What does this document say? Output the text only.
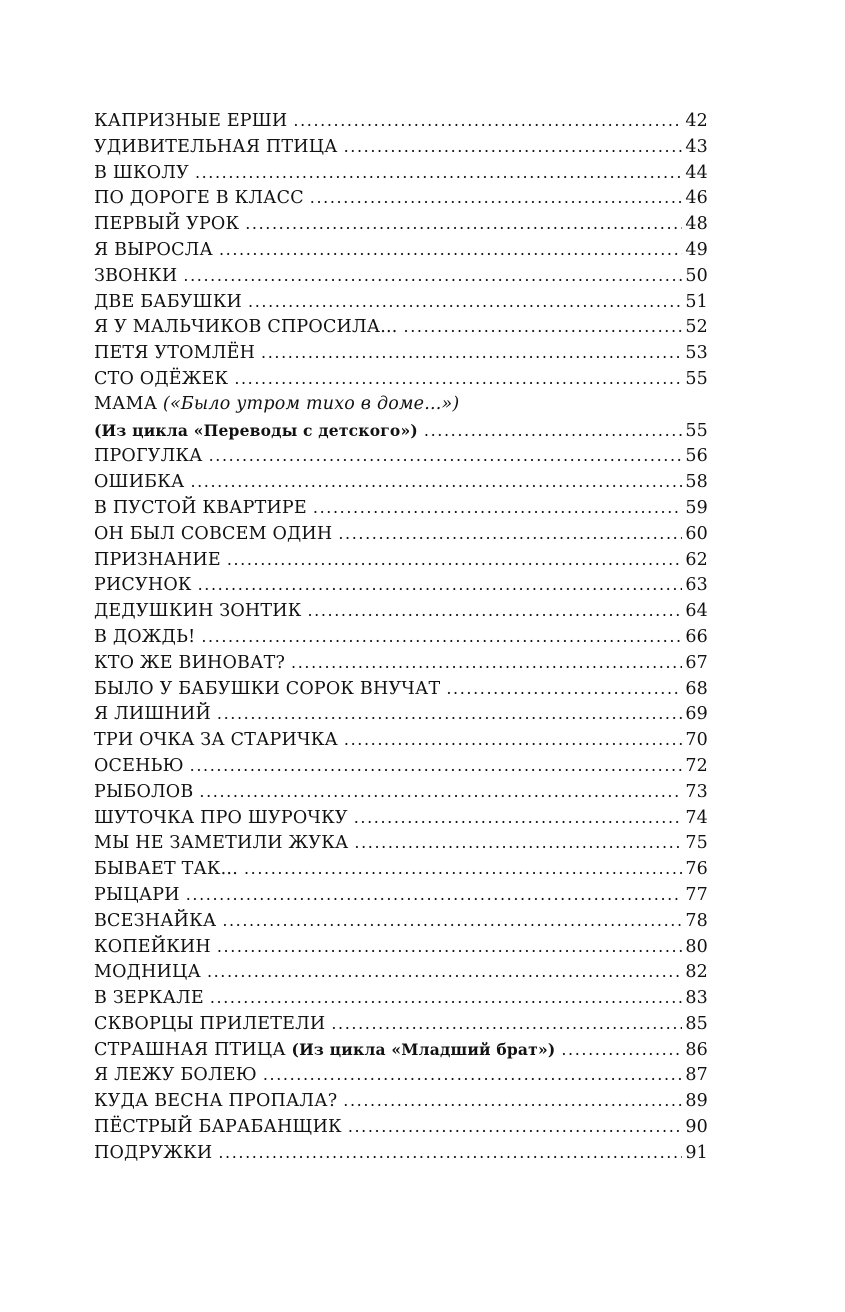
КАПРИЗНЫЕ ЕРШИ .....	42
УДИВИТЕЛЬНАЯ ПТИЦА .....	43
В ШКОЛУ .....	44
ПО ДОРОГЕ В КЛАСС .....	46
ПЕРВЫЙ УРОК .....	48
Я ВЫРОСЛА .....	49
ЗВОНКИ .....	50
ДВЕ БАБУШКИ .....	51
Я У МАЛЬЧИКОВ СПРОСИЛА... .....	52
ПЕТЯ УТОМЛЁН .....	53
СТО ОДЁЖЕК .....	55
МАМА
(«Было утром тихо в доме...»)
(Из цикла «Переводы с детского») .....	55
ПРОГУЛКА .....	56
ОШИБКА .....	58
В ПУСТОЙ КВАРТИРЕ .....	59
ОН БЫЛ СОВСЕМ ОДИН .....	60
ПРИЗНАНИЕ .....	62
РИСУНОК .....	63
ДЕДУШКИН ЗОНТИК .....	64
В ДОЖДЬ! .....	66
КТО ЖЕ ВИНОВАТ? .....	67
БЫЛО У БАБУШКИ СОРОК ВНУЧАТ .....	68
Я ЛИШНИЙ .....	69
ТРИ ОЧКА ЗА СТАРИЧКА .....	70
ОСЕНЬЮ .....	72
РЫБОЛОВ .....	73
ШУТОЧКА ПРО ШУРОЧКУ .....	74
МЫ НЕ ЗАМЕТИЛИ ЖУКА .....	75
БЫВАЕТ ТАК... .....	76
РЫЦАРИ .....	77
ВСЕЗНАЙКА .....	78
КОПЕЙКИН .....	80
МОДНИЦА .....	82
В ЗЕРКАЛЕ .....	83
СКВОРЦЫ ПРИЛЕТЕЛИ .....	85
СТРАШНАЯ ПТИЦА
(Из цикла «Младший брат») .....	86
Я ЛЕЖУ БОЛЕЮ .....	87
КУДА ВЕСНА ПРОПАЛА? .....	89
ПЁСТРЫЙ БАРАБАНЩИК .....	90
ПОДРУЖКИ .....	91
